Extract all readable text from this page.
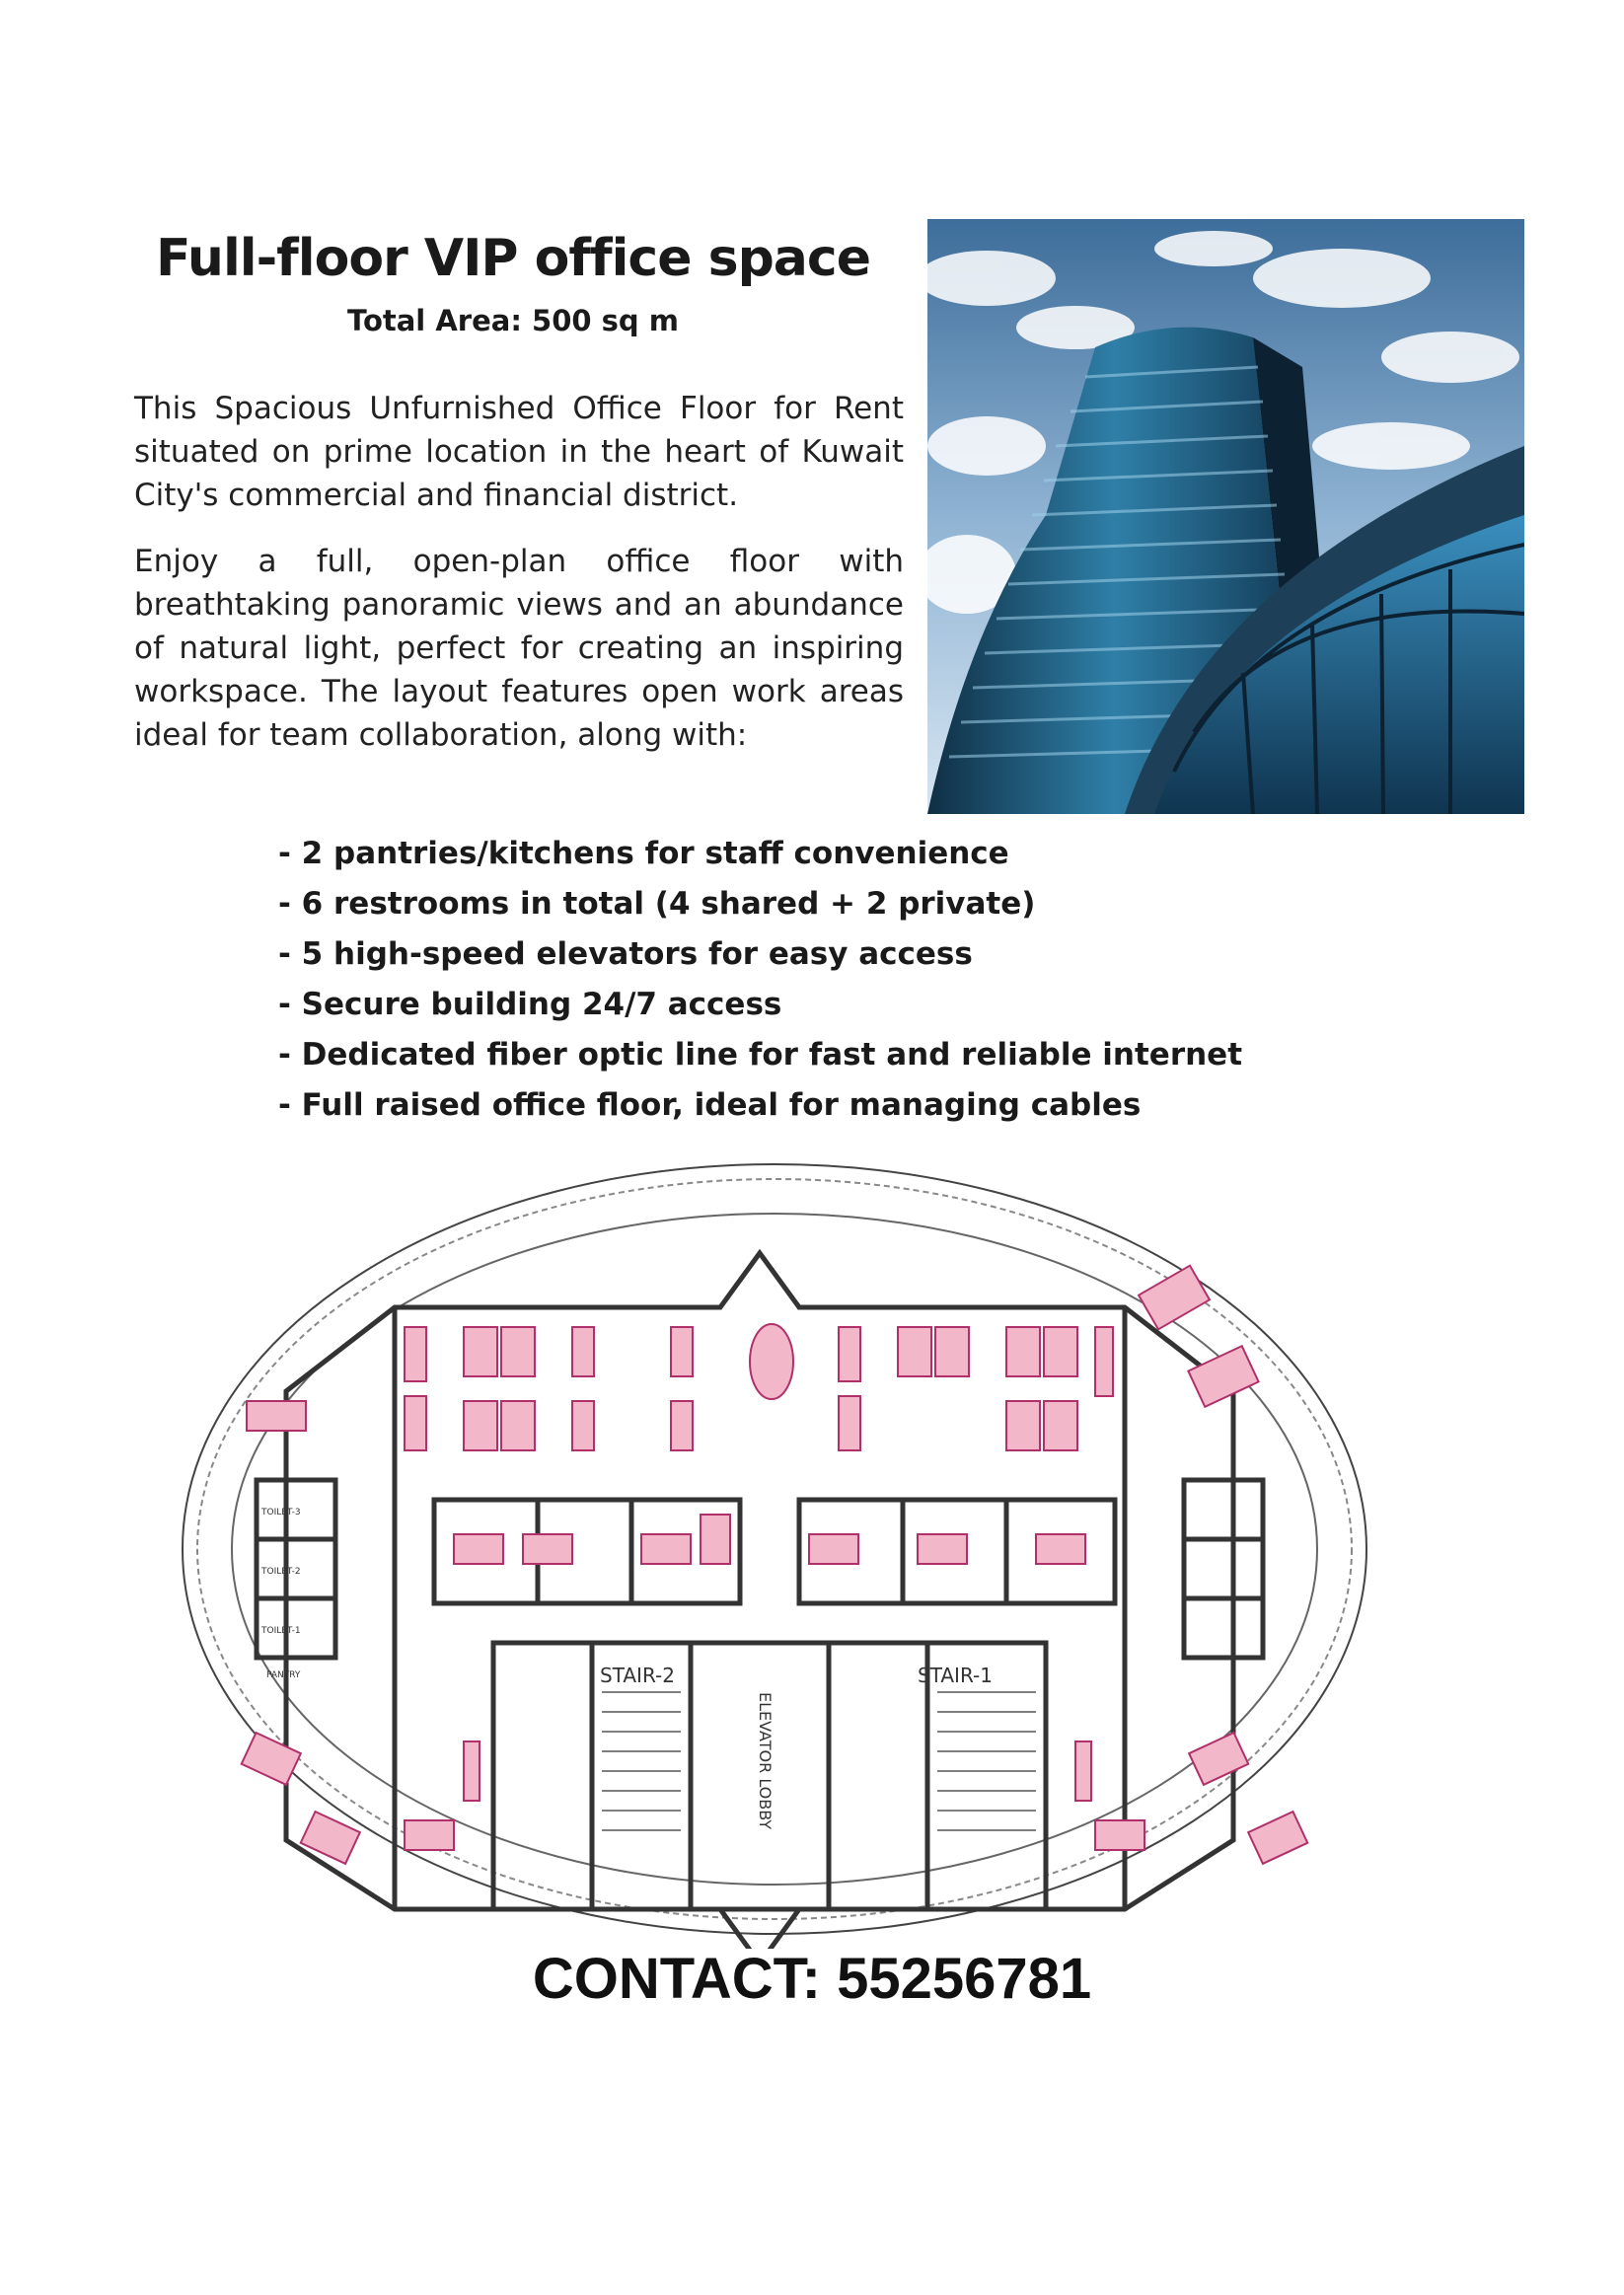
Full-floor VIP office space
Total Area: 500 sq m

This Spacious Unfurnished Office Floor for Rent situated on prime location in the heart of Kuwait City's commercial and financial district.

Enjoy a full, open-plan office floor with breathtaking panoramic views and an abundance of natural light, perfect for creating an inspiring workspace. The layout features open work areas ideal for team collaboration, along with:

- 2 pantries/kitchens for staff convenience
- 6 restrooms in total (4 shared + 2 private)
- 5 high-speed elevators for easy access
- Secure building 24/7 access
- Dedicated fiber optic line for fast and reliable internet
- Full raised office floor, ideal for managing cables
STAIR-2	STAIR-1
ELEVATOR LOBBY
TOILET-3
TOILET-2
TOILET-1
PANTRY
CONTACT: 55256781
